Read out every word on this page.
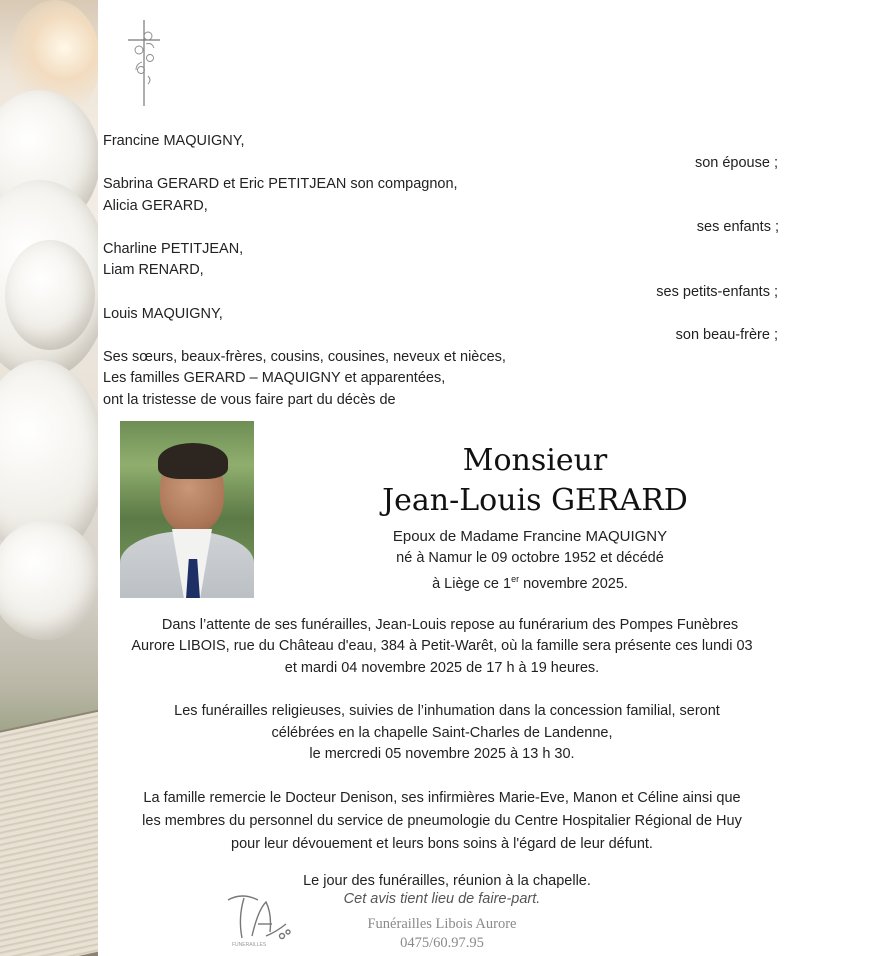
Francine MAQUIGNY,
son épouse ;
Sabrina GERARD et Eric PETITJEAN son compagnon,
Alicia GERARD,
ses enfants ;
Charline PETITJEAN,
Liam RENARD,
ses petits-enfants ;
Louis MAQUIGNY,
son beau-frère ;
Ses sœurs, beaux-frères, cousins, cousines, neveux et nièces,
Les familles GERARD – MAQUIGNY et apparentées,
ont la tristesse de vous faire part du décès de
Monsieur
Jean-Louis GERARD
Epoux de Madame Francine MAQUIGNY
né à Namur le 09 octobre 1952 et décédé
à Liège ce 1er novembre 2025.
Dans l’attente de ses funérailles, Jean-Louis repose au funérarium des Pompes Funèbres
Aurore LIBOIS, rue du Château d'eau, 384 à Petit-Warêt, où la famille sera présente ces lundi 03
et mardi 04 novembre 2025 de 17 h à 19 heures.
Les funérailles religieuses, suivies de l’inhumation dans la concession familial, seront
célébrées en la chapelle Saint-Charles de Landenne,
le mercredi 05 novembre 2025 à 13 h 30.
La famille remercie le Docteur Denison, ses infirmières Marie-Eve, Manon et Céline ainsi que
les membres du personnel du service de pneumologie du Centre Hospitalier Régional de Huy
pour leur dévouement et leurs bons soins à l'égard de leur défunt.
Le jour des funérailles, réunion à la chapelle.
Cet avis tient lieu de faire-part.
FUNERAILLES
Funérailles Libois Aurore
0475/60.97.95
